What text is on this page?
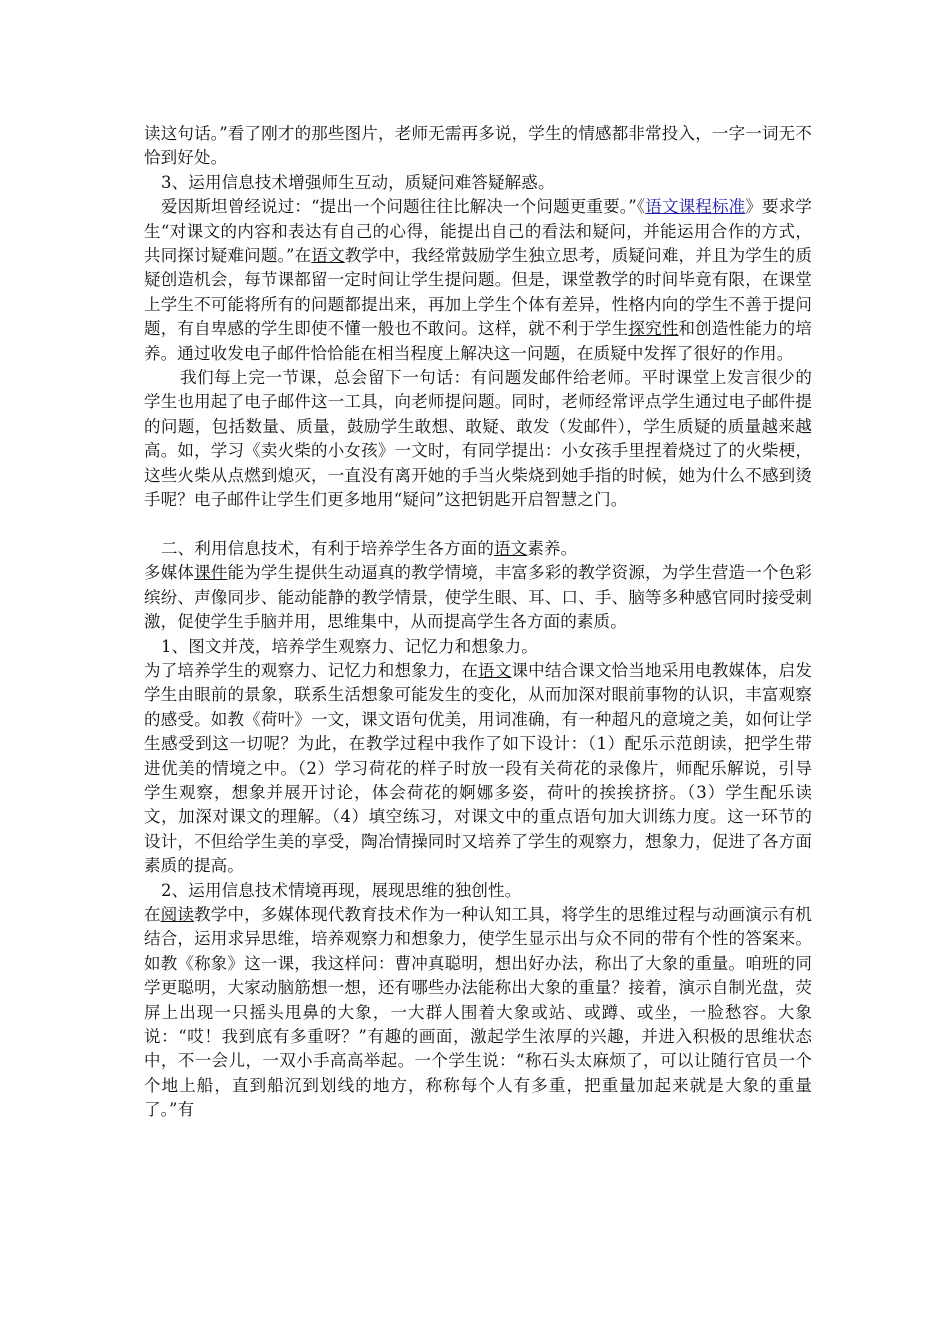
读这句话。”看了刚才的那些图片，老师无需再多说，学生的情感都非常投入，一字一词无不恰到好处。

3、运用信息技术增强师生互动，质疑问难答疑解惑。

爱因斯坦曾经说过：“提出一个问题往往比解决一个问题更重要。”《语文课程标准》要求学生“对课文的内容和表达有自己的心得，能提出自己的看法和疑问，并能运用合作的方式，共同探讨疑难问题。”在语文教学中，我经常鼓励学生独立思考，质疑问难，并且为学生的质疑创造机会，每节课都留一定时间让学生提问题。但是，课堂教学的时间毕竟有限，在课堂上学生不可能将所有的问题都提出来，再加上学生个体有差异，性格内向的学生不善于提问题，有自卑感的学生即使不懂一般也不敢问。这样，就不利于学生探究性和创造性能力的培养。通过收发电子邮件恰恰能在相当程度上解决这一问题，在质疑中发挥了很好的作用。

我们每上完一节课，总会留下一句话：有问题发邮件给老师。平时课堂上发言很少的学生也用起了电子邮件这一工具，向老师提问题。同时，老师经常评点学生通过电子邮件提的问题，包括数量、质量，鼓励学生敢想、敢疑、敢发（发邮件），学生质疑的质量越来越高。如，学习《卖火柴的小女孩》一文时，有同学提出：小女孩手里捏着烧过了的火柴梗，这些火柴从点燃到熄灭，一直没有离开她的手当火柴烧到她手指的时候，她为什么不感到烫手呢？电子邮件让学生们更多地用“疑问”这把钥匙开启智慧之门。

二、利用信息技术，有利于培养学生各方面的语文素养。

多媒体课件能为学生提供生动逼真的教学情境，丰富多彩的教学资源，为学生营造一个色彩缤纷、声像同步、能动能静的教学情景，使学生眼、耳、口、手、脑等多种感官同时接受刺激，促使学生手脑并用，思维集中，从而提高学生各方面的素质。

1、图文并茂，培养学生观察力、记忆力和想象力。

为了培养学生的观察力、记忆力和想象力，在语文课中结合课文恰当地采用电教媒体，启发学生由眼前的景象，联系生活想象可能发生的变化，从而加深对眼前事物的认识，丰富观察的感受。如教《荷叶》一文，课文语句优美，用词准确，有一种超凡的意境之美，如何让学生感受到这一切呢？为此，在教学过程中我作了如下设计：（1）配乐示范朗读，把学生带进优美的情境之中。（2）学习荷花的样子时放一段有关荷花的录像片，师配乐解说，引导学生观察，想象并展开讨论，体会荷花的婀娜多姿，荷叶的挨挨挤挤。（3）学生配乐读文，加深对课文的理解。（4）填空练习，对课文中的重点语句加大训练力度。这一环节的设计，不但给学生美的享受，陶冶情操同时又培养了学生的观察力，想象力，促进了各方面素质的提高。

2、运用信息技术情境再现，展现思维的独创性。

在阅读教学中，多媒体现代教育技术作为一种认知工具，将学生的思维过程与动画演示有机结合，运用求异思维，培养观察力和想象力，使学生显示出与众不同的带有个性的答案来。如教《称象》这一课，我这样问：曹冲真聪明，想出好办法，称出了大象的重量。咱班的同学更聪明，大家动脑筋想一想，还有哪些办法能称出大象的重量？接着，演示自制光盘，荧屏上出现一只摇头甩鼻的大象，一大群人围着大象或站、或蹲、或坐，一脸愁容。大象说：“哎！我到底有多重呀？”有趣的画面，激起学生浓厚的兴趣，并进入积极的思维状态中，不一会儿，一双小手高高举起。一个学生说：“称石头太麻烦了，可以让随行官员一个个地上船，直到船沉到划线的地方，称称每个人有多重，把重量加起来就是大象的重量了。”有
